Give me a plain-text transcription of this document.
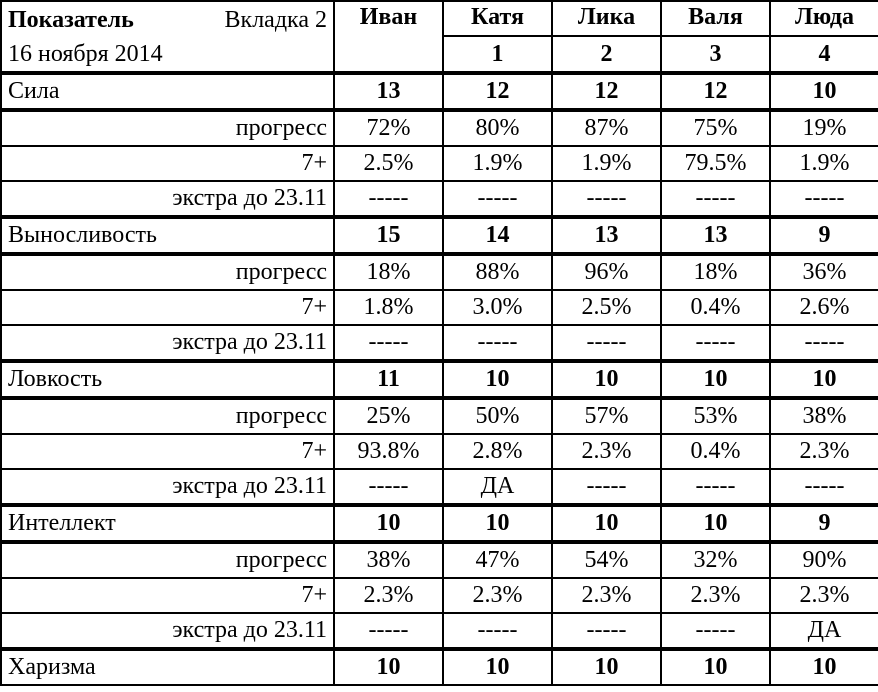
Показатель Вкладка 2
16 ноября 2014	Иван	Катя	Лика	Валя	Люда
		1	2	3	4
Сила	13	12	12	12	10
прогресс	72%	80%	87%	75%	19%
7+	2.5%	1.9%	1.9%	79.5%	1.9%
экстра до 23.11	-----	-----	-----	-----	-----
Выносливость	15	14	13	13	9
прогресс	18%	88%	96%	18%	36%
7+	1.8%	3.0%	2.5%	0.4%	2.6%
экстра до 23.11	-----	-----	-----	-----	-----
Ловкость	11	10	10	10	10
прогресс	25%	50%	57%	53%	38%
7+	93.8%	2.8%	2.3%	0.4%	2.3%
экстра до 23.11	-----	ДА	-----	-----	-----
Интеллект	10	10	10	10	9
прогресс	38%	47%	54%	32%	90%
7+	2.3%	2.3%	2.3%	2.3%	2.3%
экстра до 23.11	-----	-----	-----	-----	ДА
Харизма	10	10	10	10	10
